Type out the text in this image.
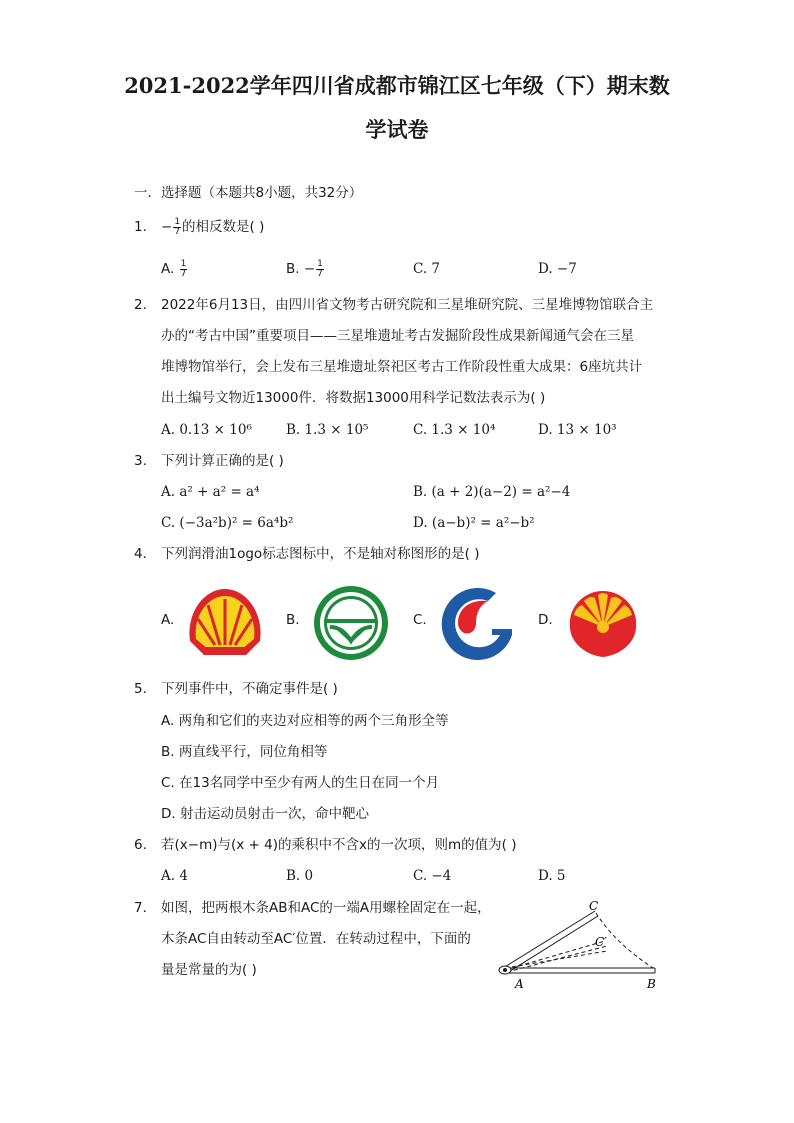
2021-2022学年四川省成都市锦江区七年级（下）期末数
学试卷
一．选择题（本题共8小题，共32分）
1. − $\frac{1}{7}$ 的相反数是( )
A. $\frac{1}{7}$	B. − $\frac{1}{7}$	C. 7	D. −7
2. 2022年6月13日，由四川省文物考古研究院和三星堆研究院、三星堆博物馆联合主
办的“考古中国”重要项目——三星堆遗址考古发掘阶段性成果新闻通气会在三星
堆博物馆举行，会上发布三星堆遗址祭祀区考古工作阶段性重大成果：6座坑共计
出土编号文物近13000件．将数据13000用科学记数法表示为( )
A. 0.13 × 10⁶	B. 1.3 × 10⁵	C. 1.3 × 10⁴	D. 13 × 10³
3. 下列计算正确的是( )
A. a² + a² = a⁴	B. (a + 2)(a−2) = a²−4
C. (−3a²b)² = 6a⁴b²	D. (a−b)² = a²−b²
4. 下列润滑油1ogo标志图标中，不是轴对称图形的是( )
A.	B.	C.	D.
5. 下列事件中，不确定事件是( )
A. 两角和它们的夹边对应相等的两个三角形全等
B. 两直线平行，同位角相等
C. 在13名同学中至少有两人的生日在同一个月
D. 射击运动员射击一次，命中靶心
6. 若(x−m)与(x + 4)的乘积中不含x的一次项，则m的值为( )
A. 4	B. 0	C. −4	D. 5
7. 如图，把两根木条AB和AC的一端A用螺栓固定在一起，
木条AC自由转动至AC′位置．在转动过程中，下面的
量是常量的为( )
C
C′
A	B
